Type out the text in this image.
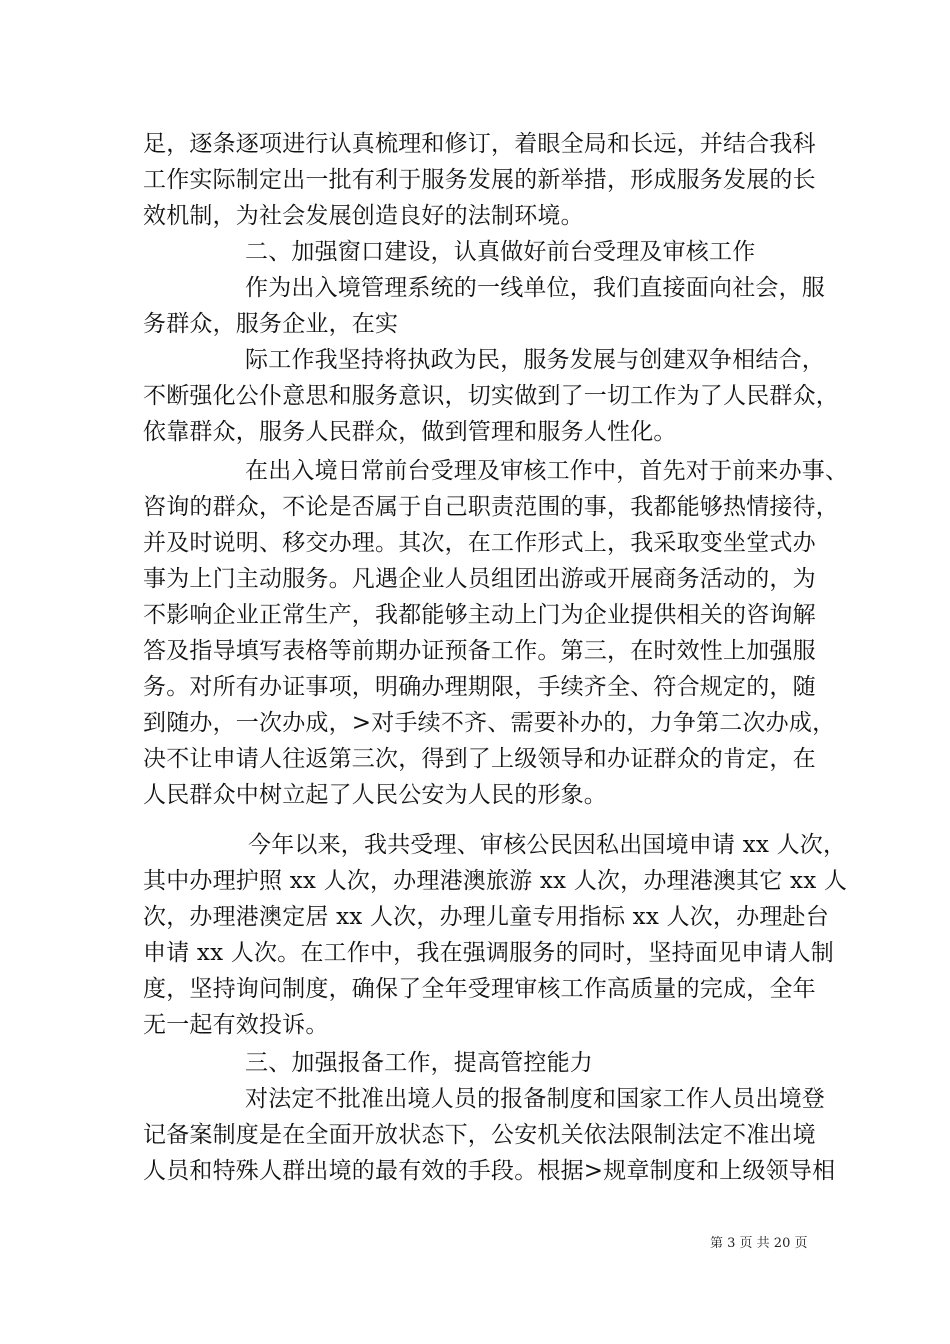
足，逐条逐项进行认真梳理和修订，着眼全局和长远，并结合我科
工作实际制定出一批有利于服务发展的新举措，形成服务发展的长
效机制，为社会发展创造良好的法制环境。
二、加强窗口建设，认真做好前台受理及审核工作
作为出入境管理系统的一线单位，我们直接面向社会，服
务群众，服务企业，在实
际工作我坚持将执政为民，服务发展与创建双争相结合，
不断强化公仆意思和服务意识，切实做到了一切工作为了人民群众，
依靠群众，服务人民群众，做到管理和服务人性化。
在出入境日常前台受理及审核工作中，首先对于前来办事、
咨询的群众，不论是否属于自己职责范围的事，我都能够热情接待，
并及时说明、移交办理。其次，在工作形式上，我采取变坐堂式办
事为上门主动服务。凡遇企业人员组团出游或开展商务活动的，为
不影响企业正常生产，我都能够主动上门为企业提供相关的咨询解
答及指导填写表格等前期办证预备工作。第三，在时效性上加强服
务。对所有办证事项，明确办理期限，手续齐全、符合规定的，随
到随办，一次办成，>对手续不齐、需要补办的，力争第二次办成，
决不让申请人往返第三次，得到了上级领导和办证群众的肯定，在
人民群众中树立起了人民公安为人民的形象。
今年以来，我共受理、审核公民因私出国境申请 xx 人次，
其中办理护照 xx 人次，办理港澳旅游 xx 人次，办理港澳其它 xx 人
次，办理港澳定居 xx 人次，办理儿童专用指标 xx 人次，办理赴台
申请 xx 人次。在工作中，我在强调服务的同时，坚持面见申请人制
度，坚持询问制度，确保了全年受理审核工作高质量的完成，全年
无一起有效投诉。
三、加强报备工作，提高管控能力
对法定不批准出境人员的报备制度和国家工作人员出境登
记备案制度是在全面开放状态下，公安机关依法限制法定不准出境
人员和特殊人群出境的最有效的手段。根据>规章制度和上级领导相
第 3 页 共 20 页
